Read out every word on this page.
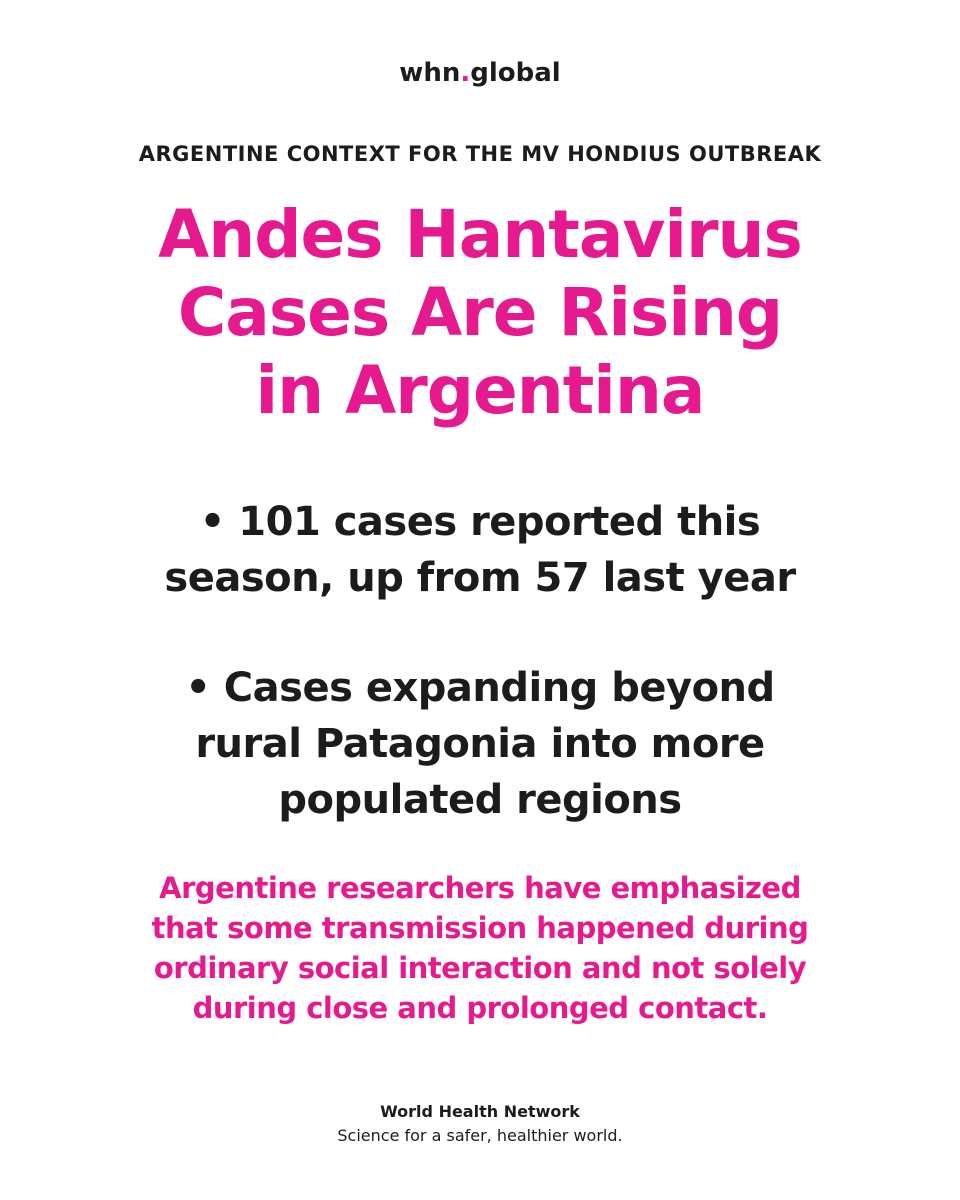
whn.global
ARGENTINE CONTEXT FOR THE MV HONDIUS OUTBREAK
Andes Hantavirus
Cases Are Rising
in Argentina
• 101 cases reported this
season, up from 57 last year
• Cases expanding beyond
rural Patagonia into more
populated regions
Argentine researchers have emphasized
that some transmission happened during
ordinary social interaction and not solely
during close and prolonged contact.
World Health Network
Science for a safer, healthier world.
